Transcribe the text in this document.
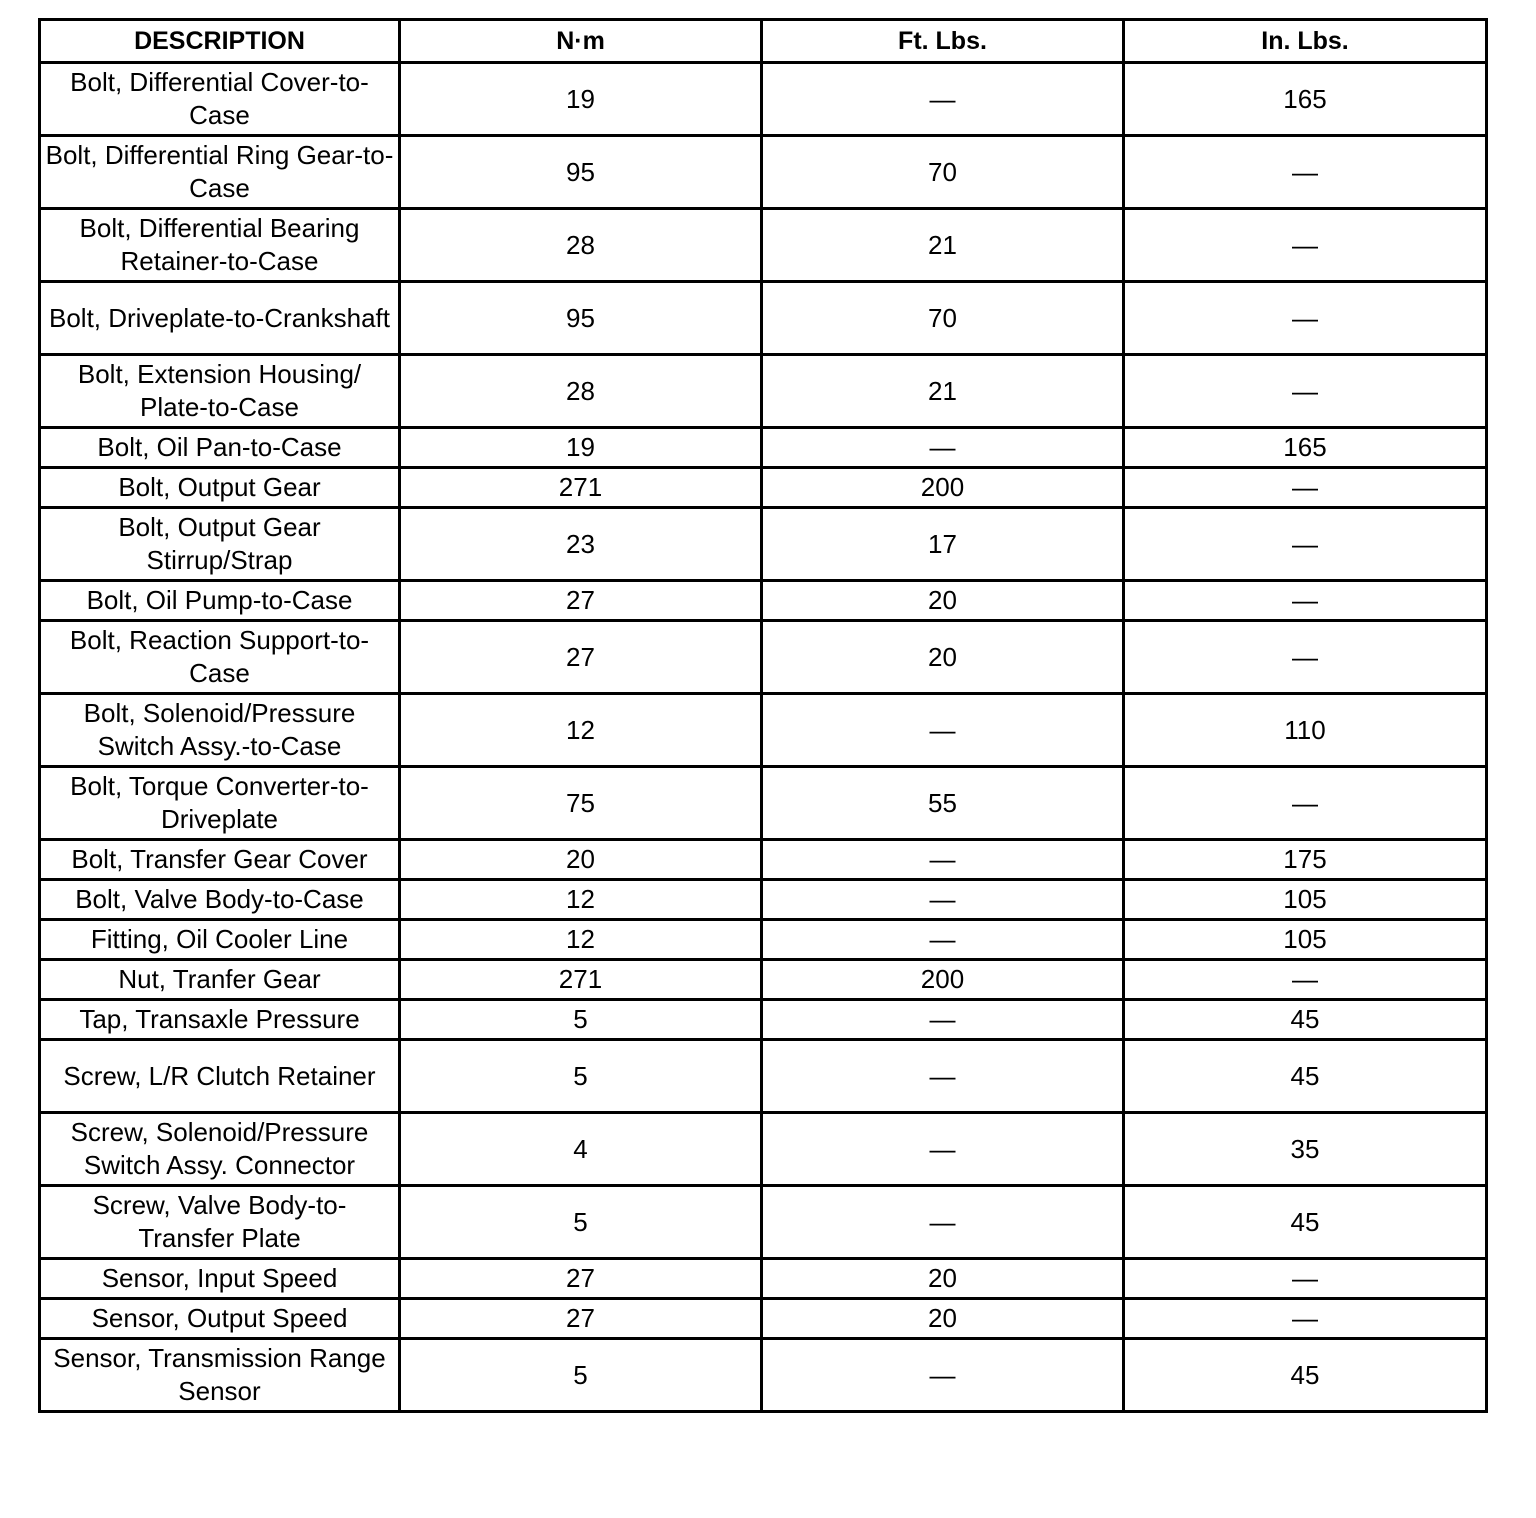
DESCRIPTION	N·m	Ft. Lbs.	In. Lbs.
Bolt, Differential Cover-to-Case	19	—	165
Bolt, Differential Ring Gear-to-Case	95	70	—
Bolt, Differential Bearing Retainer-to-Case	28	21	—
Bolt, Driveplate-to-Crankshaft	95	70	—
Bolt, Extension Housing/ Plate-to-Case	28	21	—
Bolt, Oil Pan-to-Case	19	—	165
Bolt, Output Gear	271	200	—
Bolt, Output Gear Stirrup/Strap	23	17	—
Bolt, Oil Pump-to-Case	27	20	—
Bolt, Reaction Support-to-Case	27	20	—
Bolt, Solenoid/Pressure Switch Assy.-to-Case	12	—	110
Bolt, Torque Converter-to-Driveplate	75	55	—
Bolt, Transfer Gear Cover	20	—	175
Bolt, Valve Body-to-Case	12	—	105
Fitting, Oil Cooler Line	12	—	105
Nut, Tranfer Gear	271	200	—
Tap, Transaxle Pressure	5	—	45
Screw, L/R Clutch Retainer	5	—	45
Screw, Solenoid/Pressure Switch Assy. Connector	4	—	35
Screw, Valve Body-to-Transfer Plate	5	—	45
Sensor, Input Speed	27	20	—
Sensor, Output Speed	27	20	—
Sensor, Transmission Range Sensor	5	—	45
